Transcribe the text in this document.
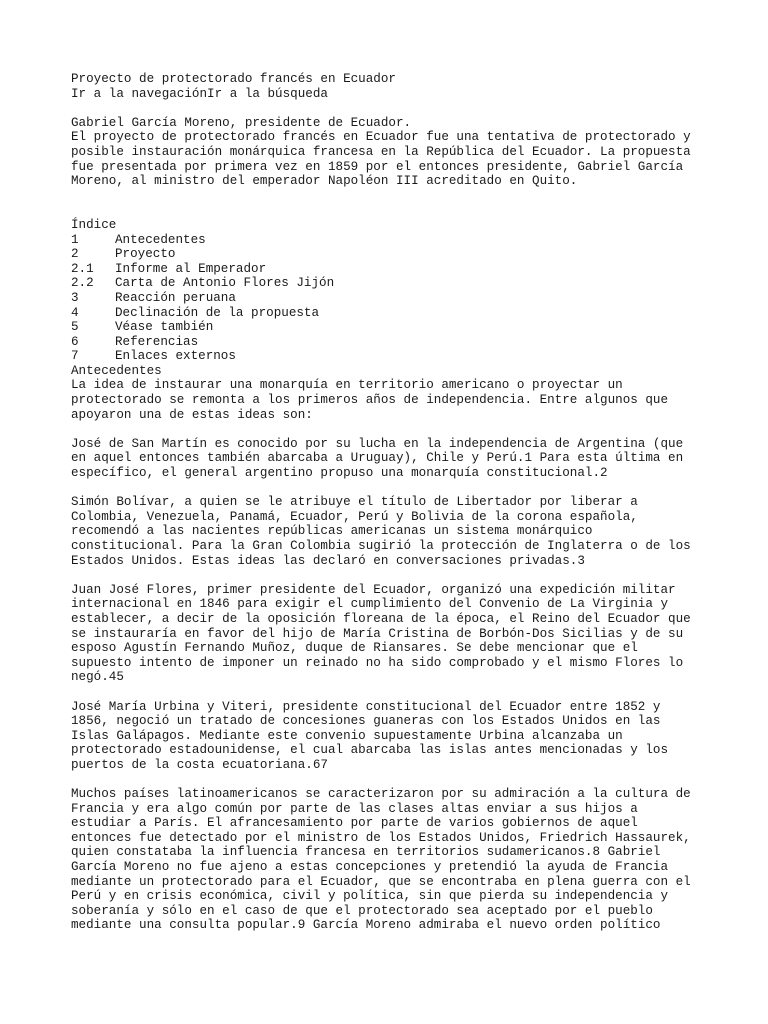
Proyecto de protectorado francés en Ecuador
Ir a la navegaciónIr a la búsqueda
Gabriel García Moreno, presidente de Ecuador.
El proyecto de protectorado francés en Ecuador fue una tentativa de protectorado y
posible instauración monárquica francesa en la República del Ecuador. La propuesta
fue presentada por primera vez en 1859 por el entonces presidente, Gabriel García
Moreno, al ministro del emperador Napoléon III acreditado en Quito.
Índice
1	Antecedentes
2	Proyecto
2.1	Informe al Emperador
2.2	Carta de Antonio Flores Jijón
3	Reacción peruana
4	Declinación de la propuesta
5	Véase también
6	Referencias
7	Enlaces externos
Antecedentes
La idea de instaurar una monarquía en territorio americano o proyectar un
protectorado se remonta a los primeros años de independencia. Entre algunos que
apoyaron una de estas ideas son:
José de San Martín es conocido por su lucha en la independencia de Argentina (que
en aquel entonces también abarcaba a Uruguay), Chile y Perú.1 Para esta última en
específico, el general argentino propuso una monarquía constitucional.2
Simón Bolívar, a quien se le atribuye el título de Libertador por liberar a
Colombia, Venezuela, Panamá, Ecuador, Perú y Bolivia de la corona española,
recomendó a las nacientes repúblicas americanas un sistema monárquico
constitucional. Para la Gran Colombia sugirió la protección de Inglaterra o de los
Estados Unidos. Estas ideas las declaró en conversaciones privadas.3
Juan José Flores, primer presidente del Ecuador, organizó una expedición militar
internacional en 1846 para exigir el cumplimiento del Convenio de La Virginia y
establecer, a decir de la oposición floreana de la época, el Reino del Ecuador que
se instauraría en favor del hijo de María Cristina de Borbón-Dos Sicilias y de su
esposo Agustín Fernando Muñoz, duque de Riansares. Se debe mencionar que el
supuesto intento de imponer un reinado no ha sido comprobado y el mismo Flores lo
negó.45
José María Urbina y Viteri, presidente constitucional del Ecuador entre 1852 y
1856, negoció un tratado de concesiones guaneras con los Estados Unidos en las
Islas Galápagos. Mediante este convenio supuestamente Urbina alcanzaba un
protectorado estadounidense, el cual abarcaba las islas antes mencionadas y los
puertos de la costa ecuatoriana.67
Muchos países latinoamericanos se caracterizaron por su admiración a la cultura de
Francia y era algo común por parte de las clases altas enviar a sus hijos a
estudiar a París. El afrancesamiento por parte de varios gobiernos de aquel
entonces fue detectado por el ministro de los Estados Unidos, Friedrich Hassaurek,
quien constataba la influencia francesa en territorios sudamericanos.8 Gabriel
García Moreno no fue ajeno a estas concepciones y pretendió la ayuda de Francia
mediante un protectorado para el Ecuador, que se encontraba en plena guerra con el
Perú y en crisis económica, civil y política, sin que pierda su independencia y
soberanía y sólo en el caso de que el protectorado sea aceptado por el pueblo
mediante una consulta popular.9 García Moreno admiraba el nuevo orden político
